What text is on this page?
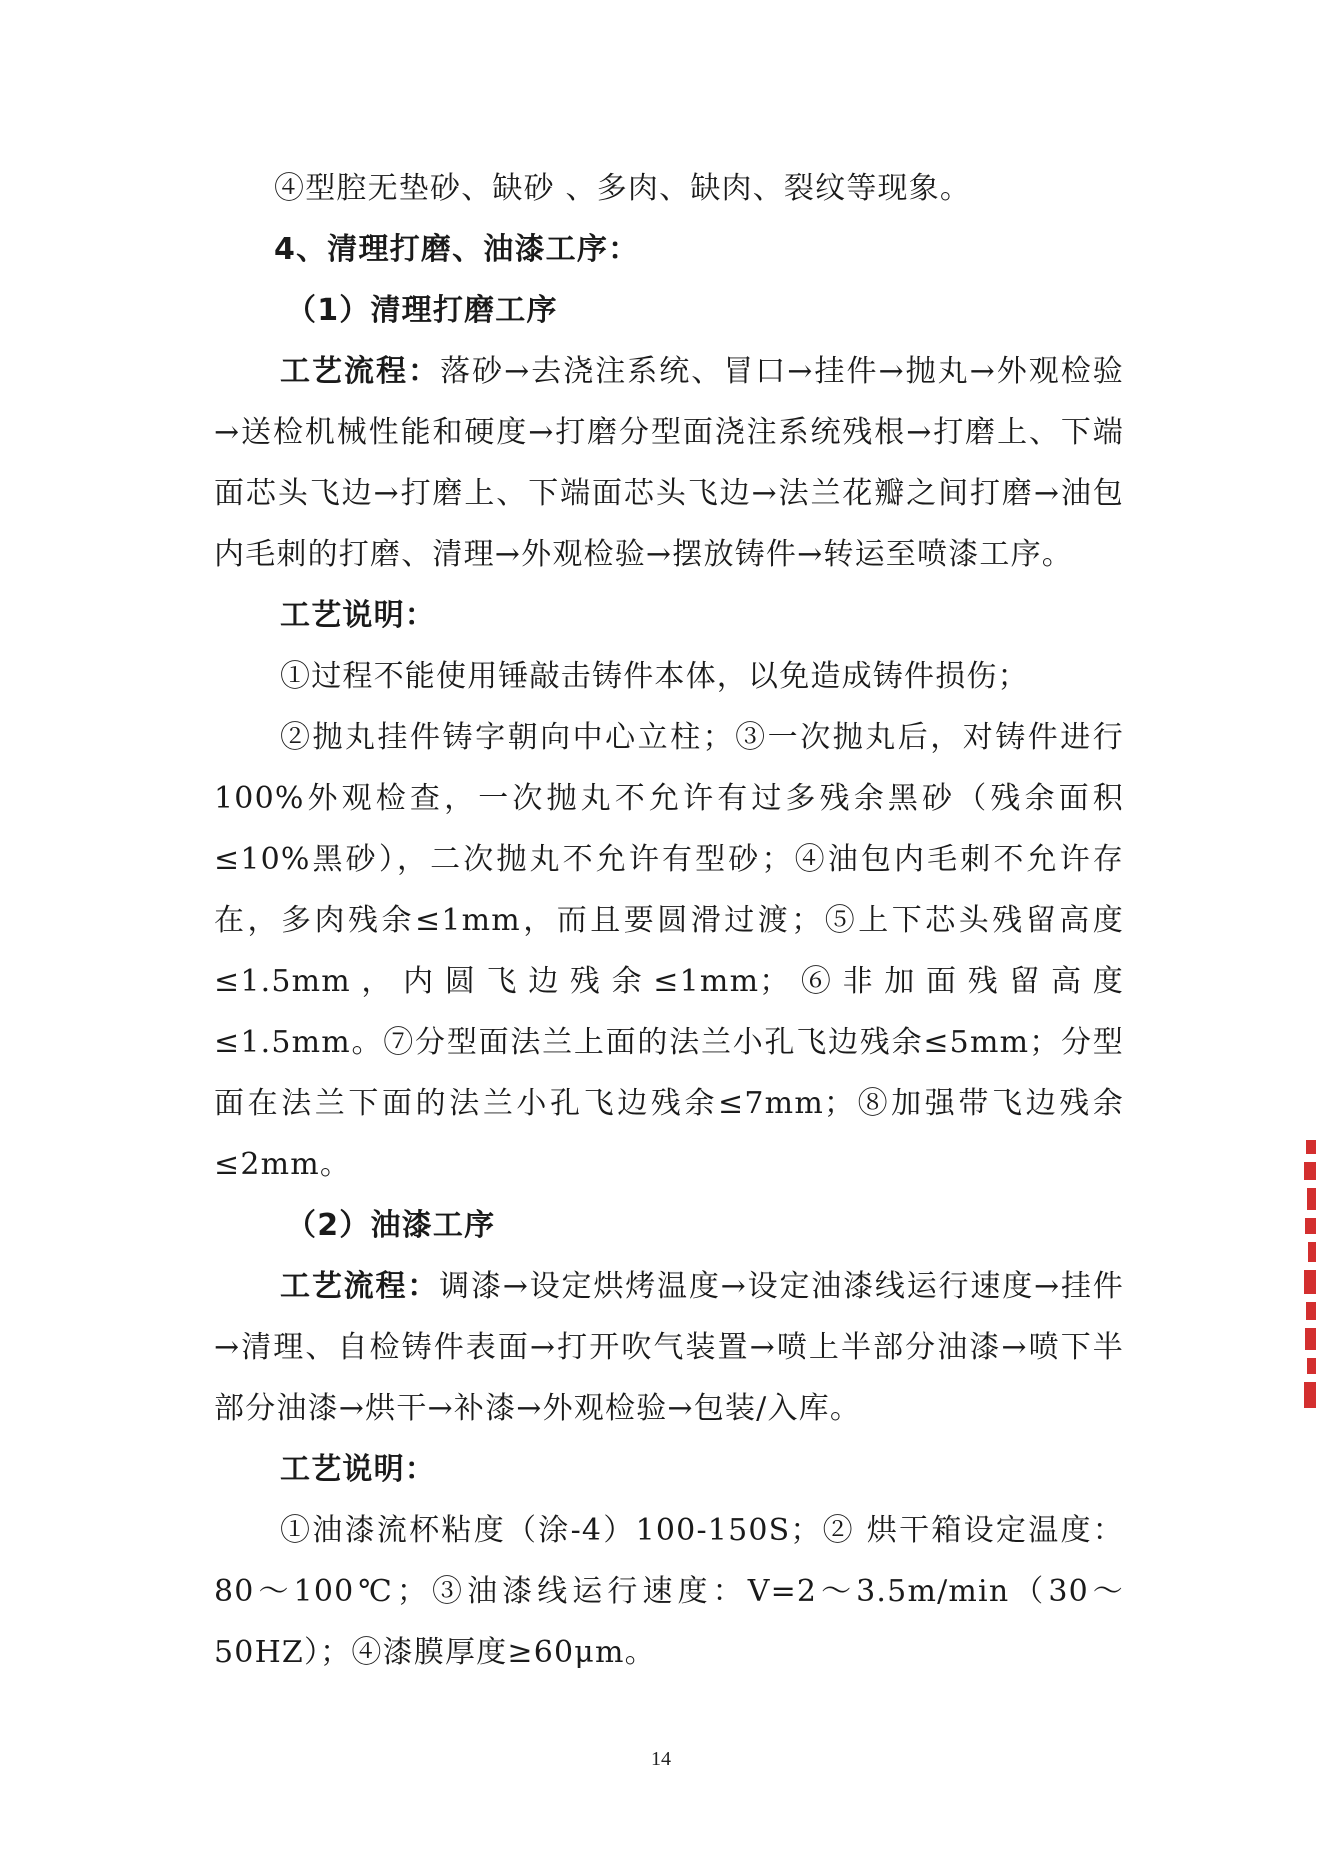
④型腔无垫砂、缺砂 、多肉、缺肉、裂纹等现象。

4、清理打磨、油漆工序：

（1）清理打磨工序

工艺流程：落砂→去浇注系统、冒口→挂件→抛丸→外观检验→送检机械性能和硬度→打磨分型面浇注系统残根→打磨上、下端面芯头飞边→打磨上、下端面芯头飞边→法兰花瓣之间打磨→油包内毛刺的打磨、清理→外观检验→摆放铸件→转运至喷漆工序。

工艺说明：

①过程不能使用锤敲击铸件本体，以免造成铸件损伤；

②抛丸挂件铸字朝向中心立柱；③一次抛丸后，对铸件进行 100%外观检查，一次抛丸不允许有过多残余黑砂（残余面积≤10%黑砂），二次抛丸不允许有型砂；④油包内毛刺不允许存在，多肉残余≤1mm，而且要圆滑过渡；⑤上下芯头残留高度≤1.5mm，内圆飞边残余≤1mm；⑥非加面残留高度≤1.5mm。⑦分型面法兰上面的法兰小孔飞边残余≤5mm；分型面在法兰下面的法兰小孔飞边残余≤7mm；⑧加强带飞边残余≤2mm。

（2）油漆工序

工艺流程：调漆→设定烘烤温度→设定油漆线运行速度→挂件→清理、自检铸件表面→打开吹气装置→喷上半部分油漆→喷下半部分油漆→烘干→补漆→外观检验→包装/入库。

工艺说明：

①油漆流杯粘度（涂-4）100-150S；② 烘干箱设定温度：80～100℃；③油漆线运行速度：V=2～3.5m/min（30～50HZ）；④漆膜厚度≥60μm。

14
